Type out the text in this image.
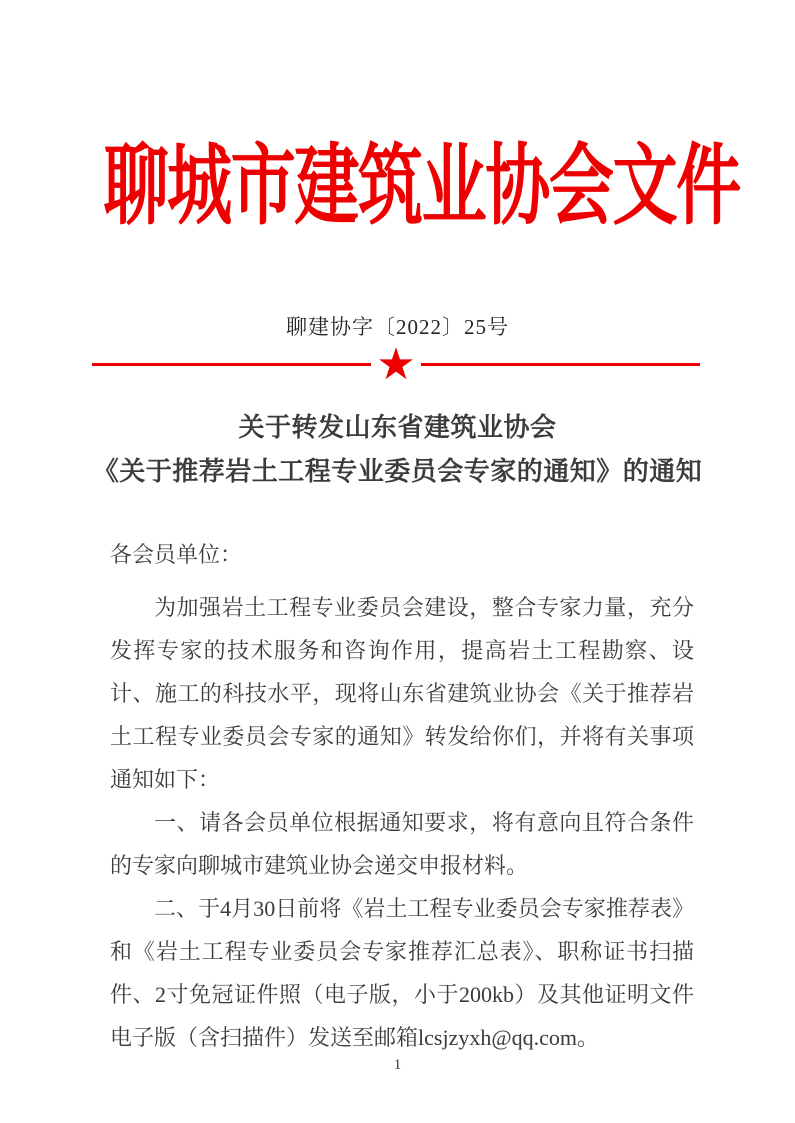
聊城市建筑业协会文件
聊建协字〔2022〕25号
★
关于转发山东省建筑业协会
《关于推荐岩土工程专业委员会专家的通知》的通知

各会员单位：

为加强岩土工程专业委员会建设，整合专家力量，充分发挥专家的技术服务和咨询作用，提高岩土工程勘察、设计、施工的科技水平，现将山东省建筑业协会《关于推荐岩土工程专业委员会专家的通知》转发给你们，并将有关事项通知如下：

一、请各会员单位根据通知要求，将有意向且符合条件的专家向聊城市建筑业协会递交申报材料。

二、于4月30日前将《岩土工程专业委员会专家推荐表》和《岩土工程专业委员会专家推荐汇总表》、职称证书扫描件、2寸免冠证件照（电子版，小于200kb）及其他证明文件电子版（含扫描件）发送至邮箱lcsjzyxh@qq.com。

1
